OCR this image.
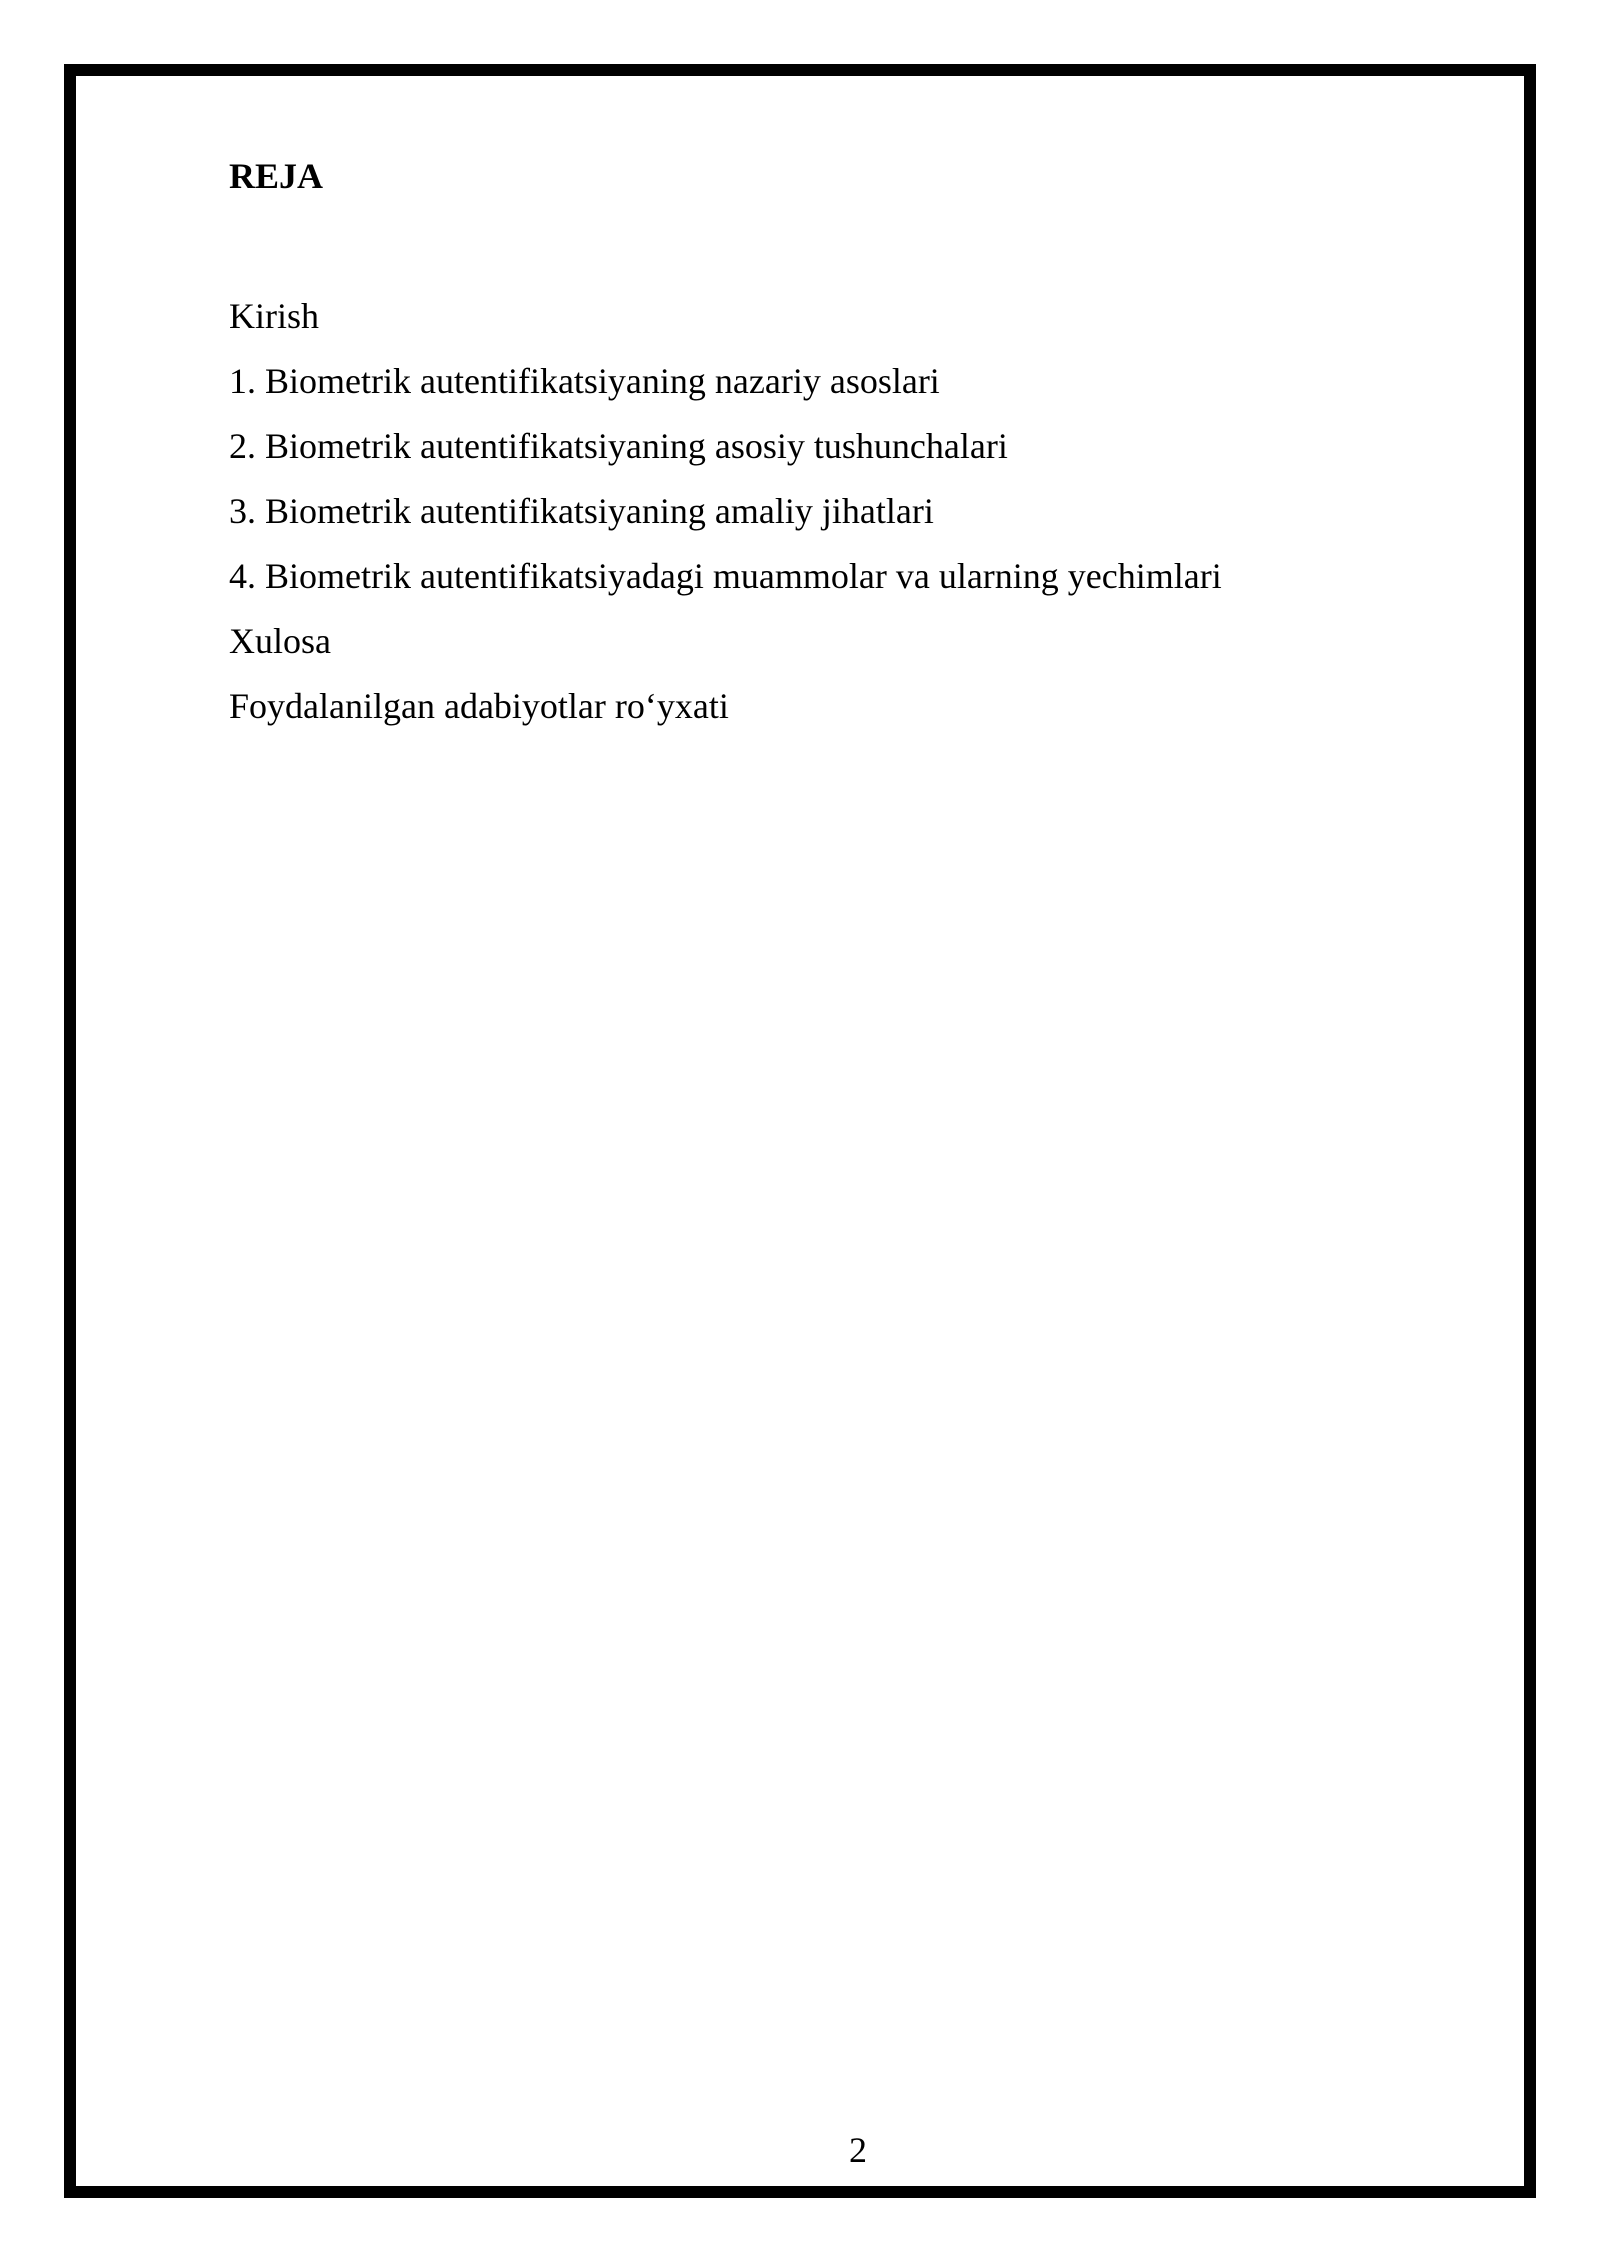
REJA
Kirish
1. Biometrik autentifikatsiyaning nazariy asoslari
2. Biometrik autentifikatsiyaning asosiy tushunchalari
3. Biometrik autentifikatsiyaning amaliy jihatlari
4. Biometrik autentifikatsiyadagi muammolar va ularning yechimlari
Xulosa
Foydalanilgan adabiyotlar ro‘yxati
2
